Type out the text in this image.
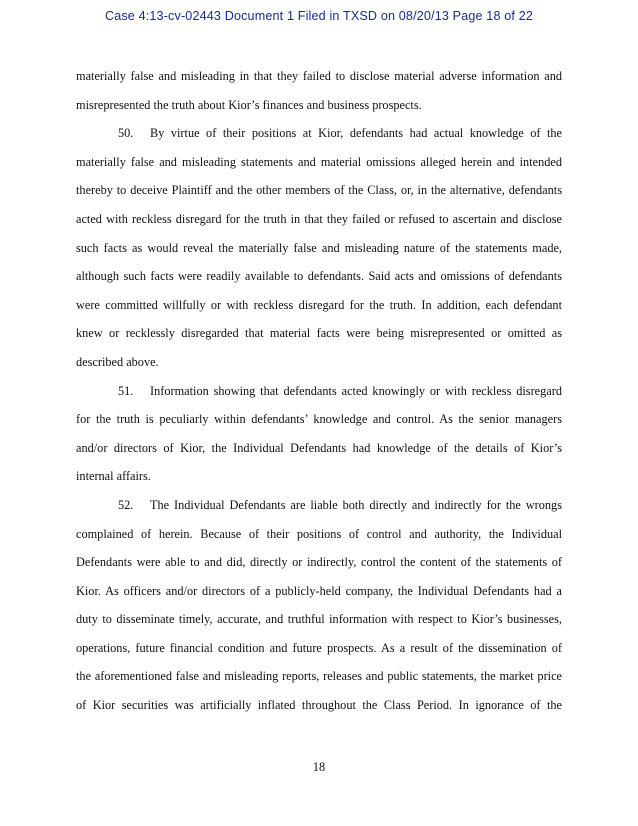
Case 4:13-cv-02443 Document 1 Filed in TXSD on 08/20/13 Page 18 of 22
materially false and misleading in that they failed to disclose material adverse information and
misrepresented the truth about Kior’s finances and business prospects.
50. By virtue of their positions at Kior, defendants had actual knowledge of the
materially false and misleading statements and material omissions alleged herein and intended
thereby to deceive Plaintiff and the other members of the Class, or, in the alternative, defendants
acted with reckless disregard for the truth in that they failed or refused to ascertain and disclose
such facts as would reveal the materially false and misleading nature of the statements made,
although such facts were readily available to defendants. Said acts and omissions of defendants
were committed willfully or with reckless disregard for the truth. In addition, each defendant
knew or recklessly disregarded that material facts were being misrepresented or omitted as
described above.
51. Information showing that defendants acted knowingly or with reckless disregard
for the truth is peculiarly within defendants’ knowledge and control. As the senior managers
and/or directors of Kior, the Individual Defendants had knowledge of the details of Kior’s
internal affairs.
52. The Individual Defendants are liable both directly and indirectly for the wrongs
complained of herein. Because of their positions of control and authority, the Individual
Defendants were able to and did, directly or indirectly, control the content of the statements of
Kior. As officers and/or directors of a publicly-held company, the Individual Defendants had a
duty to disseminate timely, accurate, and truthful information with respect to Kior’s businesses,
operations, future financial condition and future prospects. As a result of the dissemination of
the aforementioned false and misleading reports, releases and public statements, the market price
of Kior securities was artificially inflated throughout the Class Period. In ignorance of the
18
